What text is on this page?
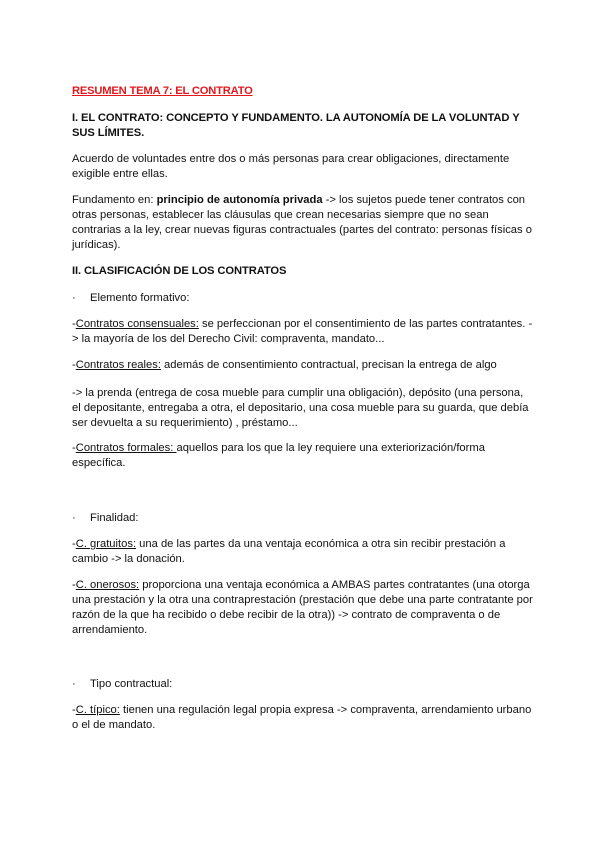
RESUMEN TEMA 7: EL CONTRATO

I. EL CONTRATO: CONCEPTO Y FUNDAMENTO. LA AUTONOMÍA DE LA VOLUNTAD Y SUS LÍMITES.

Acuerdo de voluntades entre dos o más personas para crear obligaciones, directamente exigible entre ellas.

Fundamento en: principio de autonomía privada -> los sujetos puede tener contratos con otras personas, establecer las cláusulas que crean necesarias siempre que no sean contrarias a la ley, crear nuevas figuras contractuales (partes del contrato: personas físicas o jurídicas).

II. CLASIFICACIÓN DE LOS CONTRATOS

· Elemento formativo:

-Contratos consensuales: se perfeccionan por el consentimiento de las partes contratantes. -> la mayoría de los del Derecho Civil: compraventa, mandato...

-Contratos reales: además de consentimiento contractual, precisan la entrega de algo

-> la prenda (entrega de cosa mueble para cumplir una obligación), depósito (una persona, el depositante, entregaba a otra, el depositario, una cosa mueble para su guarda, que debía ser devuelta a su requerimiento) , préstamo...

-Contratos formales: aquellos para los que la ley requiere una exteriorización/forma específica.

· Finalidad:

-C. gratuitos: una de las partes da una ventaja económica a otra sin recibir prestación a cambio -> la donación.

-C. onerosos: proporciona una ventaja económica a AMBAS partes contratantes (una otorga una prestación y la otra una contraprestación (prestación que debe una parte contratante por razón de la que ha recibido o debe recibir de la otra)) -> contrato de compraventa o de arrendamiento.

· Tipo contractual:

-C. típico: tienen una regulación legal propia expresa -> compraventa, arrendamiento urbano o el de mandato.
